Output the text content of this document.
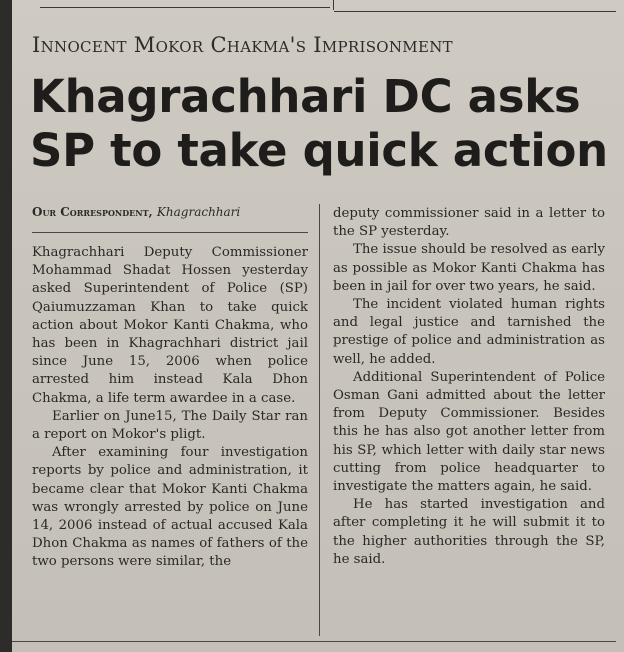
Innocent Mokor Chakma's Imprisonment
Khagrachhari DC asks
SP to take quick action
Our Correspondent, Khagrachhari

Khagrachhari Deputy Commissioner Mohammad Shadat Hossen yesterday asked Superintendent of Police (SP) Qaiumuzzaman Khan to take quick action about Mokor Kanti Chakma, who has been in Khagrachhari district jail since June 15, 2006 when police arrested him instead Kala Dhon Chakma, a life term awardee in a case.

Earlier on June15, The Daily Star ran a report on Mokor's pligt.

After examining four investigation reports by police and administration, it became clear that Mokor Kanti Chakma was wrongly arrested by police on June 14, 2006 instead of actual accused Kala Dhon Chakma as names of fathers of the two persons were similar, the

deputy commissioner said in a letter to the SP yesterday.

The issue should be resolved as early as possible as Mokor Kanti Chakma has been in jail for over two years, he said.

The incident violated human rights and legal justice and tarnished the prestige of police and administration as well, he added.

Additional Superintendent of Police Osman Gani admitted about the letter from Deputy Commissioner. Besides this he has also got another letter from his SP, which letter with daily star news cutting from police headquarter to investigate the matters again, he said.

He has started investigation and after completing it he will submit it to the higher authorities through the SP, he said.
